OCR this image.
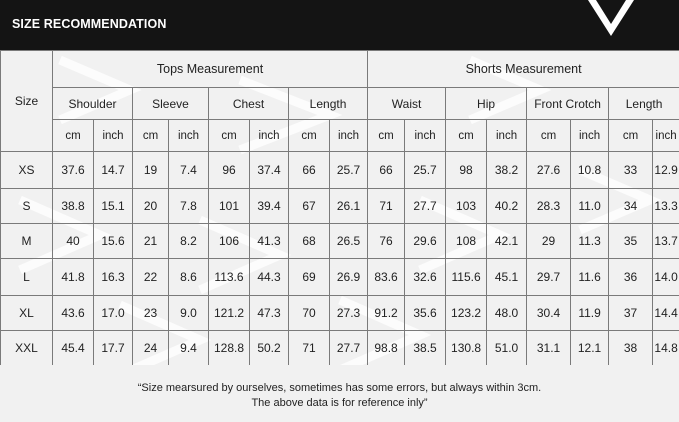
SIZE RECOMMENDATION
Size	Tops Measurement								Shorts Measurement							
	Shoulder		Sleeve		Chest		Length		Waist		Hip		Front Crotch		Length	
	cm	inch	cm	inch	cm	inch	cm	inch	cm	inch	cm	inch	cm	inch	cm	inch
XS	37.6	14.7	19	7.4	96	37.4	66	25.7	66	25.7	98	38.2	27.6	10.8	33	12.9
S	38.8	15.1	20	7.8	101	39.4	67	26.1	71	27.7	103	40.2	28.3	11.0	34	13.3
M	40	15.6	21	8.2	106	41.3	68	26.5	76	29.6	108	42.1	29	11.3	35	13.7
L	41.8	16.3	22	8.6	113.6	44.3	69	26.9	83.6	32.6	115.6	45.1	29.7	11.6	36	14.0
XL	43.6	17.0	23	9.0	121.2	47.3	70	27.3	91.2	35.6	123.2	48.0	30.4	11.9	37	14.4
XXL	45.4	17.7	24	9.4	128.8	50.2	71	27.7	98.8	38.5	130.8	51.0	31.1	12.1	38	14.8
“Size mearsured by ourselves, sometimes has some errors, but always within 3cm.
The above data is for reference inly”
